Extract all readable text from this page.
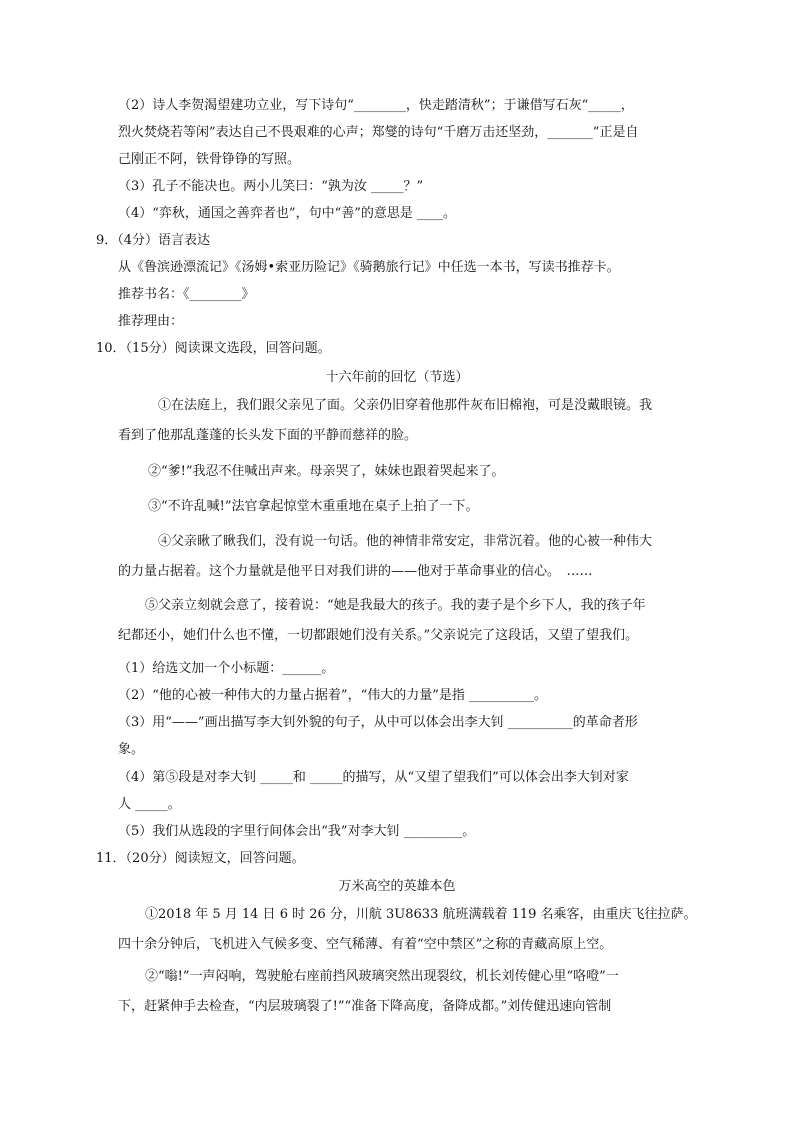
（2）诗人李贺渴望建功立业，写下诗句“________，快走踏清秋”；于谦借写石灰“_____，
烈火焚烧若等闲”表达自己不畏艰难的心声；郑燮的诗句“千磨万击还坚劲，_______”正是自
己刚正不阿，铁骨铮铮的写照。
（3）孔子不能决也。两小儿笑曰：“孰为汝 _____？”
（4）“弈秋，通国之善弈者也”，句中“善”的意思是 ____。
9．（4分）语言表达
从《鲁滨逊漂流记》《汤姆•索亚历险记》《骑鹅旅行记》中任选一本书，写读书推荐卡。
推荐书名：《________》
推荐理由：
10．（15分）阅读课文选段，回答问题。
十六年前的回忆（节选）
①在法庭上，我们跟父亲见了面。父亲仍旧穿着他那件灰布旧棉袍，可是没戴眼镜。我
看到了他那乱蓬蓬的长头发下面的平静而慈祥的脸。
②“爹!”我忍不住喊出声来。母亲哭了，妹妹也跟着哭起来了。
③“不许乱喊!”法官拿起惊堂木重重地在桌子上拍了一下。
④父亲瞅了瞅我们，没有说一句话。他的神情非常安定，非常沉着。他的心被一种伟大
的力量占据着。这个力量就是他平日对我们讲的——他对于革命事业的信心。　……
⑤父亲立刻就会意了，接着说：“她是我最大的孩子。我的妻子是个乡下人，我的孩子年
纪都还小，她们什么也不懂，一切都跟她们没有关系。”父亲说完了这段话，又望了望我们。
（1）给选文加一个小标题：______。
（2）“他的心被一种伟大的力量占据着”，“伟大的力量”是指 __________。
（3）用“——”画出描写李大钊外貌的句子，从中可以体会出李大钊 __________的革命者形
象。
（4）第⑤段是对李大钊 _____和 _____的描写，从“又望了望我们”可以体会出李大钊对家
人 _____。
（5）我们从选段的字里行间体会出“我”对李大钊 _________。
11．（20分）阅读短文，回答问题。
万米高空的英雄本色
①2018 年 5 月 14 日 6 时 26 分，川航 3U8633 航班满载着 119 名乘客，由重庆飞往拉萨。
四十余分钟后，飞机进入气候多变、空气稀薄、有着“空中禁区”之称的青藏高原上空。
②“嗡!”一声闷响，驾驶舱右座前挡风玻璃突然出现裂纹，机长刘传健心里“咯噔”一
下，赶紧伸手去检查，“内层玻璃裂了!”“准备下降高度，备降成都。”刘传健迅速向管制
